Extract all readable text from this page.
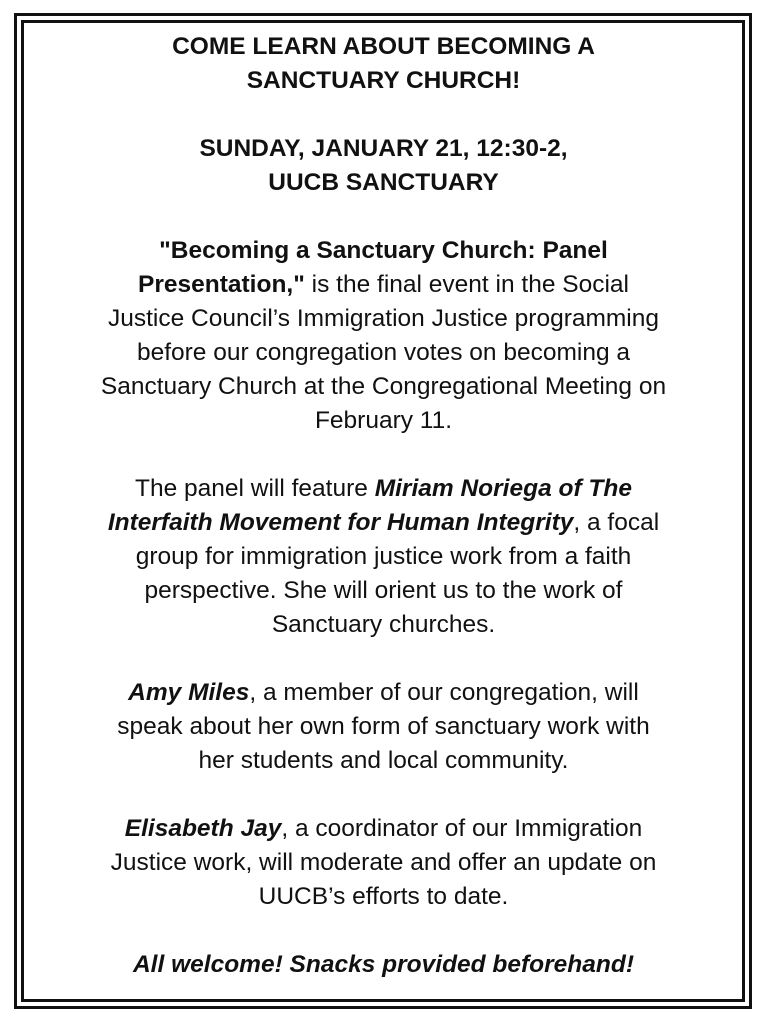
COME LEARN ABOUT BECOMING A
SANCTUARY CHURCH!
SUNDAY, JANUARY 21, 12:30-2,
UUCB SANCTUARY
"Becoming a Sanctuary Church: Panel
Presentation," is the final event in the Social
Justice Council’s Immigration Justice programming
before our congregation votes on becoming a
Sanctuary Church at the Congregational Meeting on
February 11.
The panel will feature Miriam Noriega of The
Interfaith Movement for Human Integrity, a focal
group for immigration justice work from a faith
perspective. She will orient us to the work of
Sanctuary churches.
Amy Miles, a member of our congregation, will
speak about her own form of sanctuary work with
her students and local community.
Elisabeth Jay, a coordinator of our Immigration
Justice work, will moderate and offer an update on
UUCB’s efforts to date.
All welcome! Snacks provided beforehand!
